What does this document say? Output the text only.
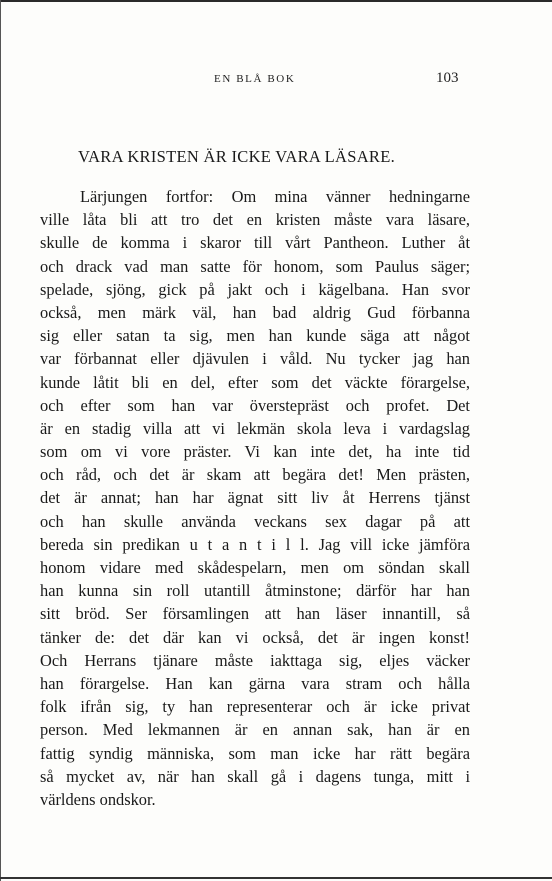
EN BLÅ BOK	103
VARA KRISTEN ÄR ICKE VARA LÄSARE.
Lärjungen fortfor: Om mina vänner hedningarne
ville låta bli att tro det en kristen måste vara läsare,
skulle de komma i skaror till vårt Pantheon. Luther åt
och drack vad man satte för honom, som Paulus säger;
spelade, sjöng, gick på jakt och i kägelbana. Han svor
också, men märk väl, han bad aldrig Gud förbanna
sig eller satan ta sig, men han kunde säga att något
var förbannat eller djävulen i våld. Nu tycker jag han
kunde låtit bli en del, efter som det väckte förargelse,
och efter som han var överstepräst och profet. Det
är en stadig villa att vi lekmän skola leva i vardagslag
som om vi vore präster. Vi kan inte det, ha inte tid
och råd, och det är skam att begära det! Men prästen,
det är annat; han har ägnat sitt liv åt Herrens tjänst
och han skulle använda veckans sex dagar på att
bereda sin predikan u t a n t i l l. Jag vill icke jämföra
honom vidare med skådespelarn, men om söndan skall
han kunna sin roll utantill åtminstone; därför har han
sitt bröd. Ser församlingen att han läser innantill, så
tänker de: det där kan vi också, det är ingen konst!
Och Herrans tjänare måste iakttaga sig, eljes väcker
han förargelse. Han kan gärna vara stram och hålla
folk ifrån sig, ty han representerar och är icke privat
person. Med lekmannen är en annan sak, han är en
fattig syndig människa, som man icke har rätt begära
så mycket av, när han skall gå i dagens tunga, mitt i
världens ondskor.
